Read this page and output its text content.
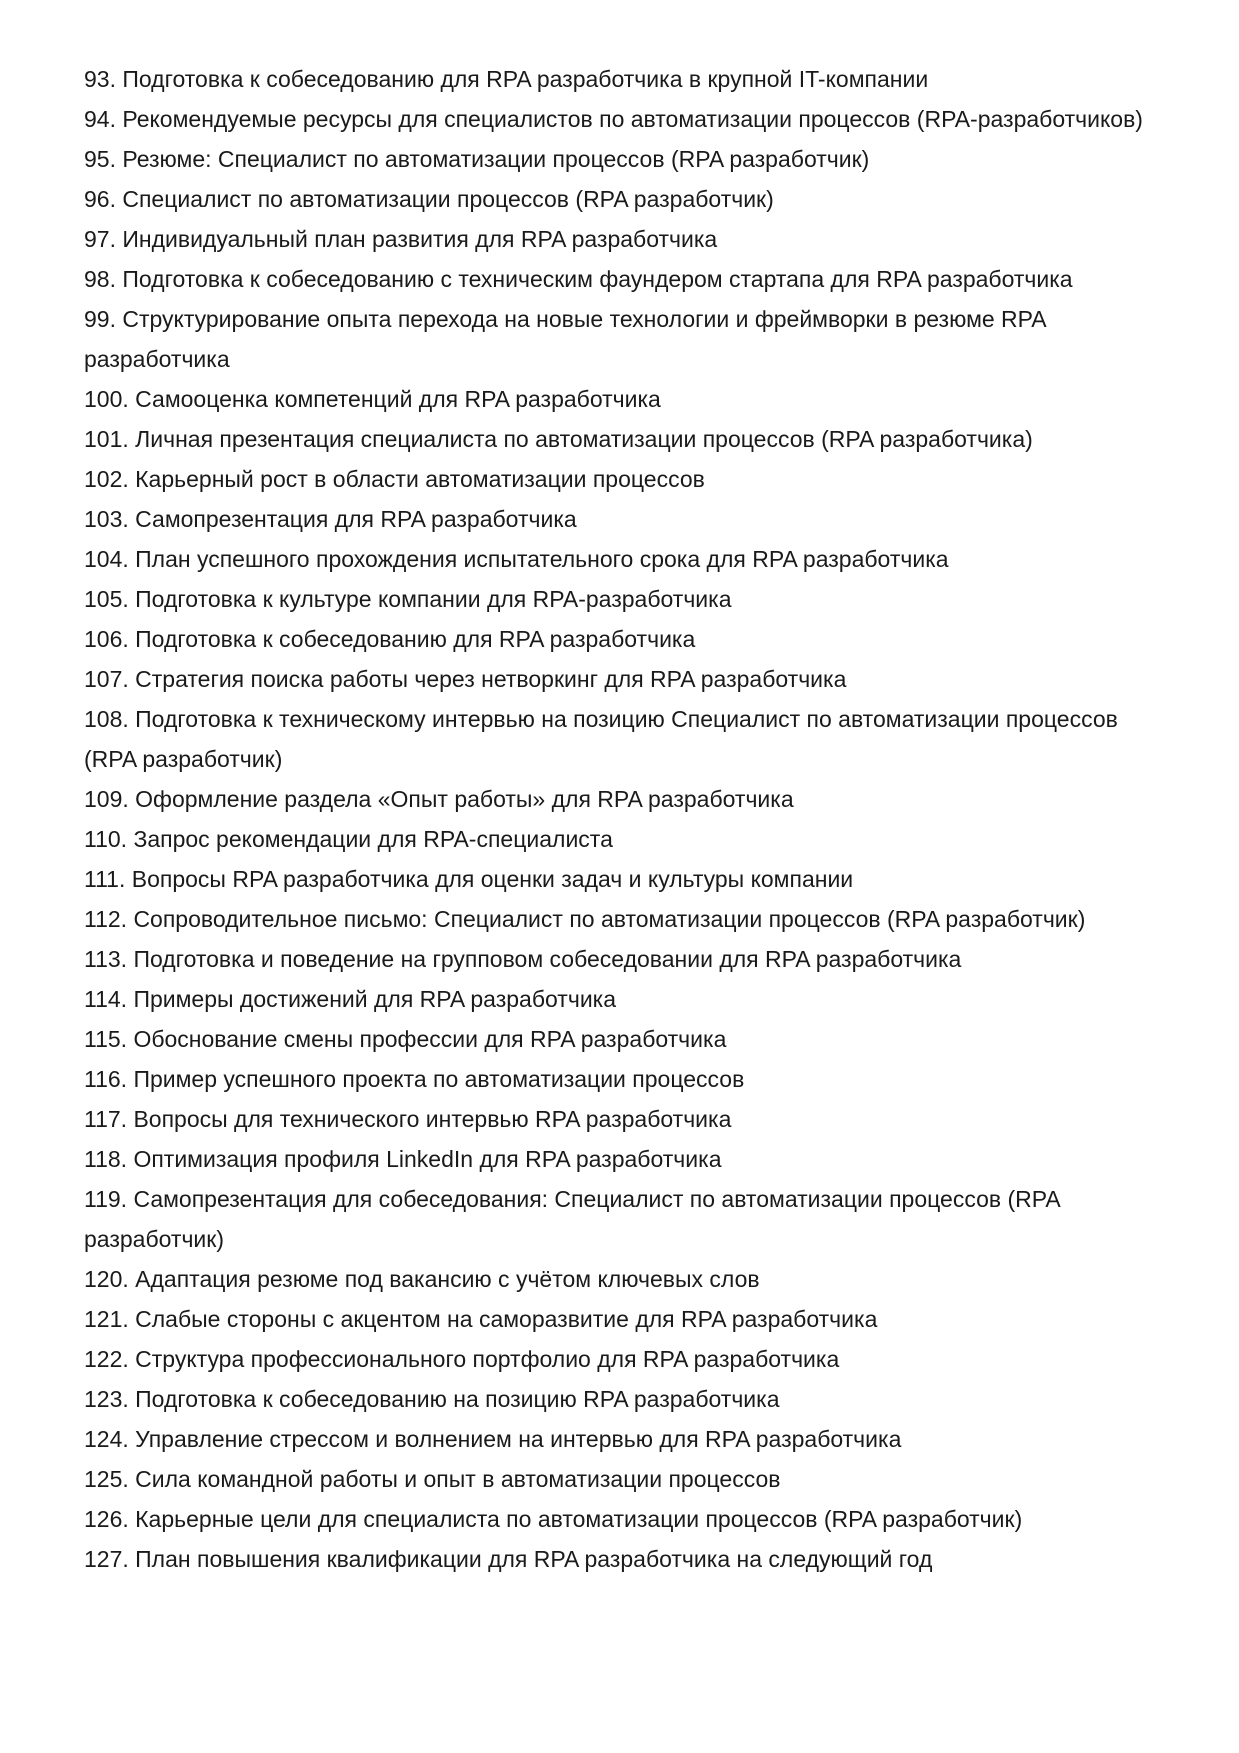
93. Подготовка к собеседованию для RPA разработчика в крупной IT-компании
94. Рекомендуемые ресурсы для специалистов по автоматизации процессов (RPA-разработчиков)
95. Резюме: Специалист по автоматизации процессов (RPA разработчик)
96. Специалист по автоматизации процессов (RPA разработчик)
97. Индивидуальный план развития для RPA разработчика
98. Подготовка к собеседованию с техническим фаундером стартапа для RPA разработчика
99. Структурирование опыта перехода на новые технологии и фреймворки в резюме RPA разработчика
100. Самооценка компетенций для RPA разработчика
101. Личная презентация специалиста по автоматизации процессов (RPA разработчика)
102. Карьерный рост в области автоматизации процессов
103. Самопрезентация для RPA разработчика
104. План успешного прохождения испытательного срока для RPA разработчика
105. Подготовка к культуре компании для RPA-разработчика
106. Подготовка к собеседованию для RPA разработчика
107. Стратегия поиска работы через нетворкинг для RPA разработчика
108. Подготовка к техническому интервью на позицию Специалист по автоматизации процессов (RPA разработчик)
109. Оформление раздела «Опыт работы» для RPA разработчика
110. Запрос рекомендации для RPA-специалиста
111. Вопросы RPA разработчика для оценки задач и культуры компании
112. Сопроводительное письмо: Специалист по автоматизации процессов (RPA разработчик)
113. Подготовка и поведение на групповом собеседовании для RPA разработчика
114. Примеры достижений для RPA разработчика
115. Обоснование смены профессии для RPA разработчика
116. Пример успешного проекта по автоматизации процессов
117. Вопросы для технического интервью RPA разработчика
118. Оптимизация профиля LinkedIn для RPA разработчика
119. Самопрезентация для собеседования: Специалист по автоматизации процессов (RPA разработчик)
120. Адаптация резюме под вакансию с учётом ключевых слов
121. Слабые стороны с акцентом на саморазвитие для RPA разработчика
122. Структура профессионального портфолио для RPA разработчика
123. Подготовка к собеседованию на позицию RPA разработчика
124. Управление стрессом и волнением на интервью для RPA разработчика
125. Сила командной работы и опыт в автоматизации процессов
126. Карьерные цели для специалиста по автоматизации процессов (RPA разработчик)
127. План повышения квалификации для RPA разработчика на следующий год
